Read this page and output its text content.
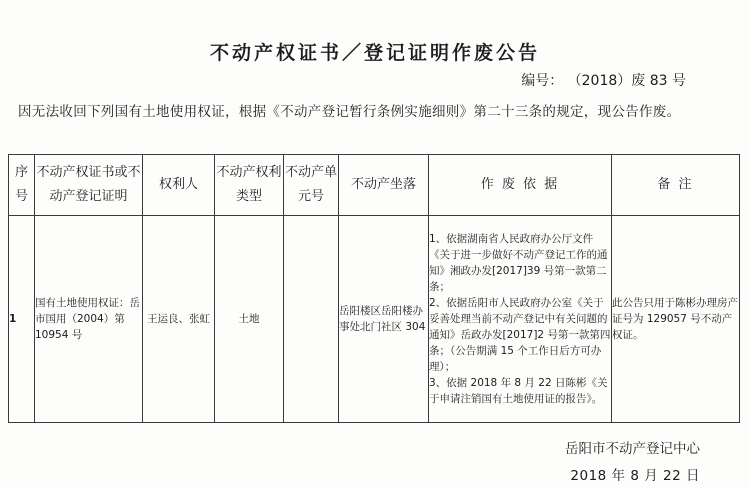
不动产权证书／登记证明作废公告
编号： （2018）废 83 号
因无法收回下列国有土地使用权证，根据《不动产登记暂行条例实施细则》第二十三条的规定，现公告作废。
序号	不动产权证书或不动产登记证明	权利人	不动产权利类型	不动产单元号	不动产坐落	作 废 依 据	备 注
1	国有土地使用权证：岳市国用（2004）第 10954 号	王运良、张虹	土地		岳阳楼区岳阳楼办事处北门社区 304	1、依据湖南省人民政府办公厅文件《关于进一步做好不动产登记工作的通知》湘政办发[2017]39 号第一款第二条；
2、依据岳阳市人民政府办公室《关于妥善处理当前不动产登记中有关问题的通知》岳政办发[2017]2 号第一款第四条；（公告期满 15 个工作日后方可办理）；
3、依据 2018 年 8 月 22 日陈彬《关于申请注销国有土地使用证的报告》。	此公告只用于陈彬办理房产证号为 129057 号不动产权证。
岳阳市不动产登记中心
2018 年 8 月 22 日
